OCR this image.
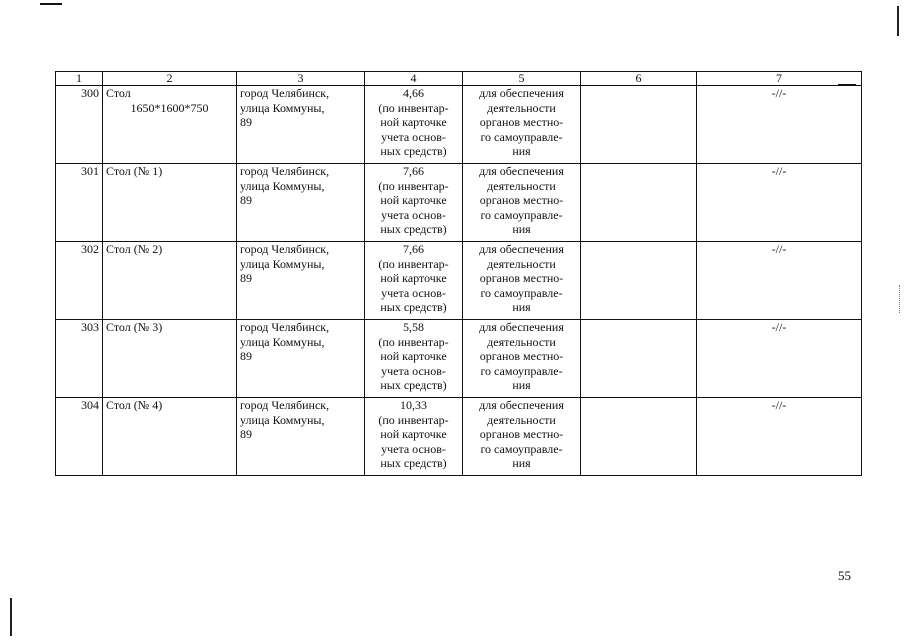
1	2	3	4	5	6	7
300	Стол
1650*1600*750	город Челябинск,
улица Коммуны,
89	4,66
(по инвентар-
ной карточке
учета основ-
ных средств)	для обеспечения
деятельности
органов местно-
го самоуправле-
ния		-//-
301	Стол (№ 1)	город Челябинск,
улица Коммуны,
89	7,66
(по инвентар-
ной карточке
учета основ-
ных средств)	для обеспечения
деятельности
органов местно-
го самоуправле-
ния		-//-
302	Стол (№ 2)	город Челябинск,
улица Коммуны,
89	7,66
(по инвентар-
ной карточке
учета основ-
ных средств)	для обеспечения
деятельности
органов местно-
го самоуправле-
ния		-//-
303	Стол (№ 3)	город Челябинск,
улица Коммуны,
89	5,58
(по инвентар-
ной карточке
учета основ-
ных средств)	для обеспечения
деятельности
органов местно-
го самоуправле-
ния		-//-
304	Стол (№ 4)	город Челябинск,
улица Коммуны,
89	10,33
(по инвентар-
ной карточке
учета основ-
ных средств)	для обеспечения
деятельности
органов местно-
го самоуправле-
ния		-//-
55
